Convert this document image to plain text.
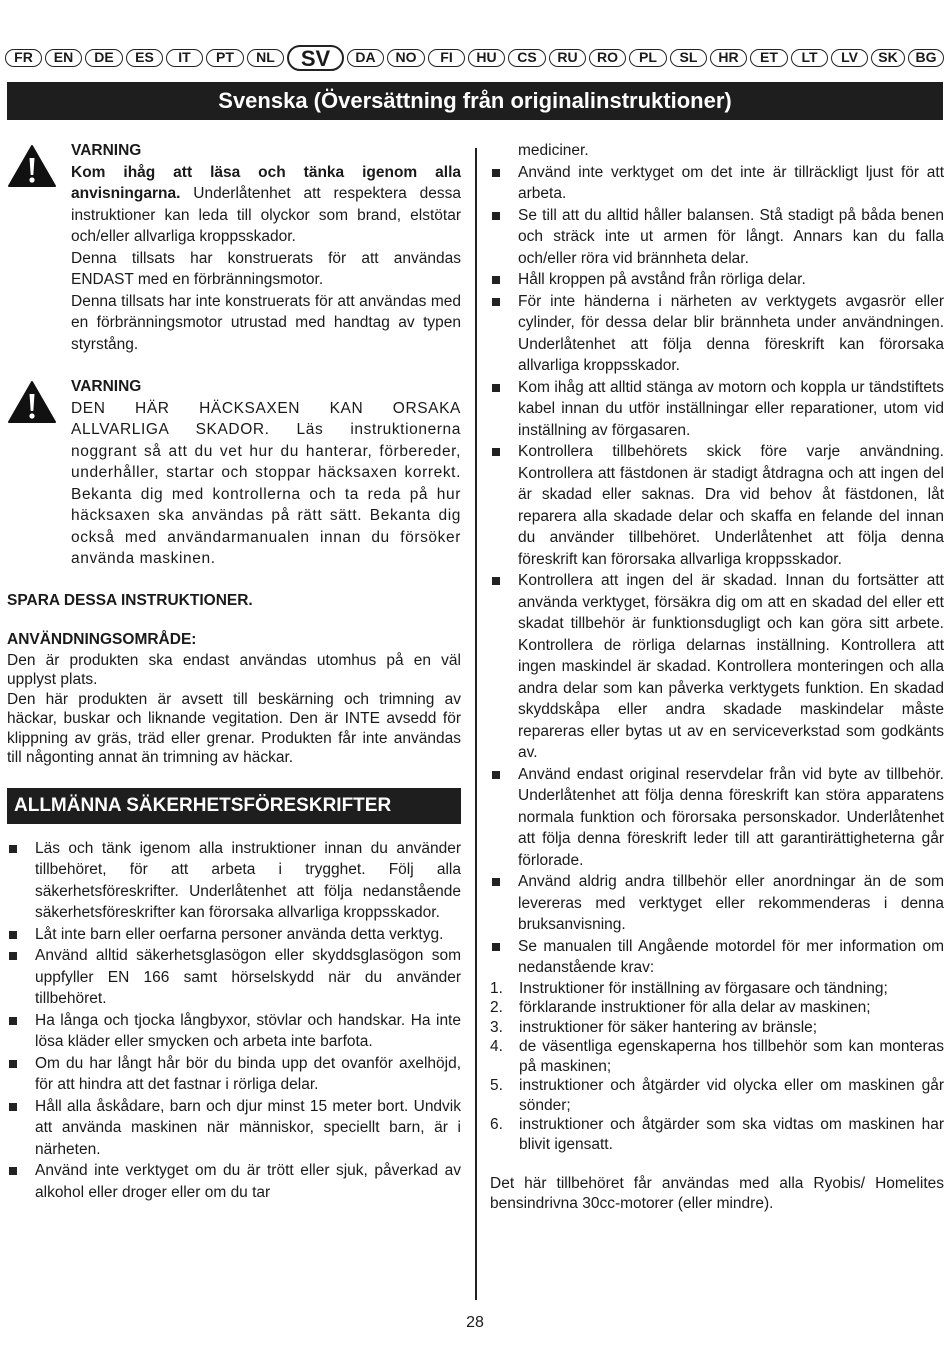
FR	EN	DE	ES	IT	PT	NL	SV	DA	NO	FI	HU	CS	RU	RO	PL	SL	HR	ET	LT	LV	SK	BG
Svenska (Översättning från originalinstruktioner)
VARNING

Kom ihåg att läsa och tänka igenom alla anvisningarna. Underlåtenhet att respektera dessa instruktioner kan leda till olyckor som brand, elstötar och/eller allvarliga kroppsskador.

Denna tillsats har konstruerats för att användas ENDAST med en förbränningsmotor.

Denna tillsats har inte konstruerats för att användas med en förbränningsmotor utrustad med handtag av typen styrstång.

VARNING

DEN HÄR HÄCKSAXEN KAN ORSAKA ALLVARLIGA SKADOR. Läs instruktionerna noggrant så att du vet hur du hanterar, förbereder, underhåller, startar och stoppar häcksaxen korrekt. Bekanta dig med kontrollerna och ta reda på hur häcksaxen ska användas på rätt sätt. Bekanta dig också med användarmanualen innan du försöker använda maskinen.

SPARA DESSA INSTRUKTIONER.
ANVÄNDNINGSOMRÅDE:

Den är produkten ska endast användas utomhus på en väl upplyst plats.

Den här produkten är avsett till beskärning och trimning av häckar, buskar och liknande vegitation. Den är INTE avsedd för klippning av gräs, träd eller grenar. Produkten får inte användas till någonting annat än trimning av häckar.

ALLMÄNNA SÄKERHETSFÖRESKRIFTER
Läs och tänk igenom alla instruktioner innan du använder tillbehöret, för att arbeta i trygghet. Följ alla säkerhetsföreskrifter. Underlåtenhet att följa nedanstående säkerhetsföreskrifter kan förorsaka allvarliga kroppsskador.
Låt inte barn eller oerfarna personer använda detta verktyg.
Använd alltid säkerhetsglasögon eller skyddsglasögon som uppfyller EN 166 samt hörselskydd när du använder tillbehöret.
Ha långa och tjocka långbyxor, stövlar och handskar. Ha inte lösa kläder eller smycken och arbeta inte barfota.
Om du har långt hår bör du binda upp det ovanför axelhöjd, för att hindra att det fastnar i rörliga delar.
Håll alla åskådare, barn och djur minst 15 meter bort. Undvik att använda maskinen när människor, speciellt barn, är i närheten.
Använd inte verktyget om du är trött eller sjuk, påverkad av alkohol eller droger eller om du tar

mediciner.

Använd inte verktyget om det inte är tillräckligt ljust för att arbeta.
Se till att du alltid håller balansen. Stå stadigt på båda benen och sträck inte ut armen för långt. Annars kan du falla och/eller röra vid brännheta delar.
Håll kroppen på avstånd från rörliga delar.
För inte händerna i närheten av verktygets avgasrör eller cylinder, för dessa delar blir brännheta under användningen. Underlåtenhet att följa denna föreskrift kan förorsaka allvarliga kroppsskador.
Kom ihåg att alltid stänga av motorn och koppla ur tändstiftets kabel innan du utför inställningar eller reparationer, utom vid inställning av förgasaren.
Kontrollera tillbehörets skick före varje användning. Kontrollera att fästdonen är stadigt åtdragna och att ingen del är skadad eller saknas. Dra vid behov åt fästdonen, låt reparera alla skadade delar och skaffa en felande del innan du använder tillbehöret. Underlåtenhet att följa denna föreskrift kan förorsaka allvarliga kroppsskador.
Kontrollera att ingen del är skadad. Innan du fortsätter att använda verktyget, försäkra dig om att en skadad del eller ett skadat tillbehör är funktionsdugligt och kan göra sitt arbete. Kontrollera de rörliga delarnas inställning. Kontrollera att ingen maskindel är skadad. Kontrollera monteringen och alla andra delar som kan påverka verktygets funktion. En skadad skyddskåpa eller andra skadade maskindelar måste repareras eller bytas ut av en serviceverkstad som godkänts av.
Använd endast original reservdelar från vid byte av tillbehör. Underlåtenhet att följa denna föreskrift kan störa apparatens normala funktion och förorsaka personskador. Underlåtenhet att följa denna föreskrift leder till att garantirättigheterna går förlorade.
Använd aldrig andra tillbehör eller anordningar än de som levereras med verktyget eller rekommenderas i denna bruksanvisning.
Se manualen till Angående motordel för mer information om nedanstående krav:
1. Instruktioner för inställning av förgasare och tändning;
2. förklarande instruktioner för alla delar av maskinen;
3. instruktioner för säker hantering av bränsle;
4. de väsentliga egenskaperna hos tillbehör som kan monteras på maskinen;
5. instruktioner och åtgärder vid olycka eller om maskinen går sönder;
6. instruktioner och åtgärder som ska vidtas om maskinen har blivit igensatt.

Det här tillbehöret får användas med alla Ryobis/ Homelites bensindrivna 30cc-motorer (eller mindre).

28
